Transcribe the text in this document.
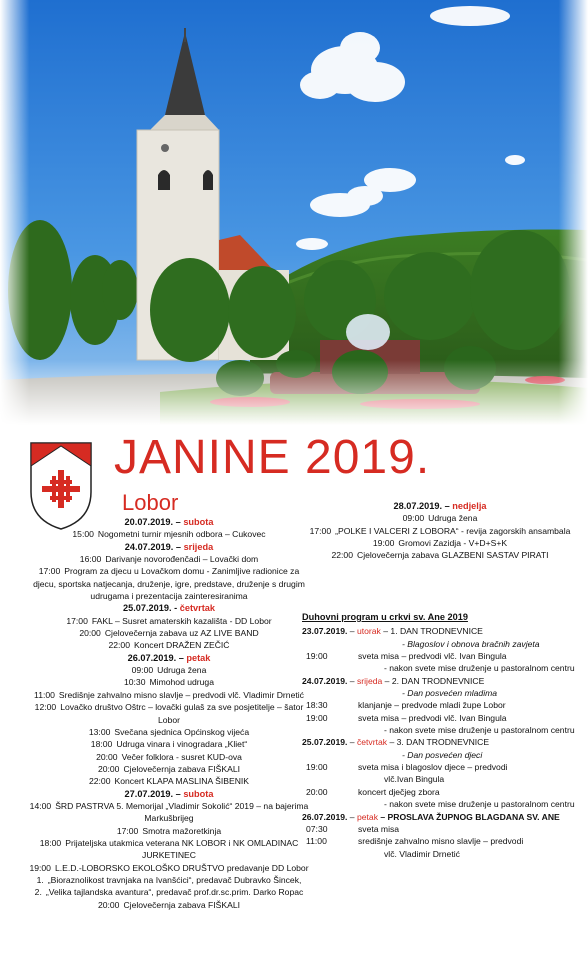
JANINE 2019.
Lobor
20.07.2019. – subota
15:00 Nogometni turnir mjesnih odbora – Cukovec
24.07.2019. – srijeda
16:00 Darivanje novorođenčadi – Lovački dom
17:00 Program za djecu u Lovačkom domu - Zanimljive radionice za djecu, sportska natjecanja, druženje, igre, predstave, druženje s drugim udrugama i prezentacija zainteresiranima
25.07.2019. - četvrtak
17:00 FAKL – Susret amaterskih kazališta - DD Lobor
20:00 Cjelovečernja zabava uz AZ LIVE BAND
22:00 Koncert DRAŽEN ZEČIĆ
26.07.2019. – petak
09:00 Udruga žena
10:30 Mimohod udruga
11:00 Središnje zahvalno misno slavlje – predvodi vlč. Vladimir Drnetić
12:00 Lovačko društvo Oštrc – lovački gulaš za sve posjetitelje – šator Lobor
13:00 Svečana sjednica Općinskog vijeća
18:00 Udruga vinara i vinogradara „Kliet“
20:00 Večer folklora - susret KUD-ova
20:00 Cjelovečernja zabava FIŠKALI
22:00 Koncert KLAPA MASLINA ŠIBENIK
27.07.2019. – subota
14:00 ŠRD PASTRVA 5. Memorijal „Vladimir Sokolić“ 2019 – na bajerima Markušbrijeg
17:00 Smotra mažoretkinja
18:00 Prijateljska utakmica veterana NK LOBOR i NK OMLADINAC JURKETINEC
19:00 L.E.D.-LOBORSKO EKOLOŠKO DRUŠTVO predavanje DD Lobor
1. „Bioraznolikost travnjaka na Ivanšćici“, predavač Dubravko Šincek,
2. „Velika tajlandska avantura“, predavač prof.dr.sc.prim. Darko Ropac
20:00 Cjelovečernja zabava FIŠKALI
28.07.2019. – nedjelja
09:00 Udruga žena
17:00 „POLKE I VALCERI Z LOBORA“ - revija zagorskih ansambala
19:00 Gromovi Zazidja - V+D+S+K
22:00 Cjelovečernja zabava GLAZBENI SASTAV PIRATI
Duhovni program u crkvi sv. Ane 2019
23.07.2019. – utorak – 1. DAN TRODNEVNICE
- Blagoslov i obnova bračnih zavjeta
19:00	sveta misa – predvodi vlč. Ivan Bingula
- nakon svete mise druženje u pastoralnom centru
24.07.2019. – srijeda – 2. DAN TRODNEVNICE
- Dan posvećen mladima
18:30	klanjanje – predvode mladi župe Lobor
19:00	sveta misa – predvodi vlč. Ivan Bingula
- nakon svete mise druženje u pastoralnom centru
25.07.2019. – četvrtak – 3. DAN TRODNEVNICE
- Dan posvećen djeci
19:00	sveta misa i blagoslov djece – predvodi
vlč.Ivan Bingula
20:00	koncert dječjeg zbora
- nakon svete mise druženje u pastoralnom centru
26.07.2019. – petak – PROSLAVA ŽUPNOG BLAGDANA SV. ANE
07:30	sveta misa
11:00	središnje zahvalno misno slavlje – predvodi
vlč. Vladimir Drnetić
